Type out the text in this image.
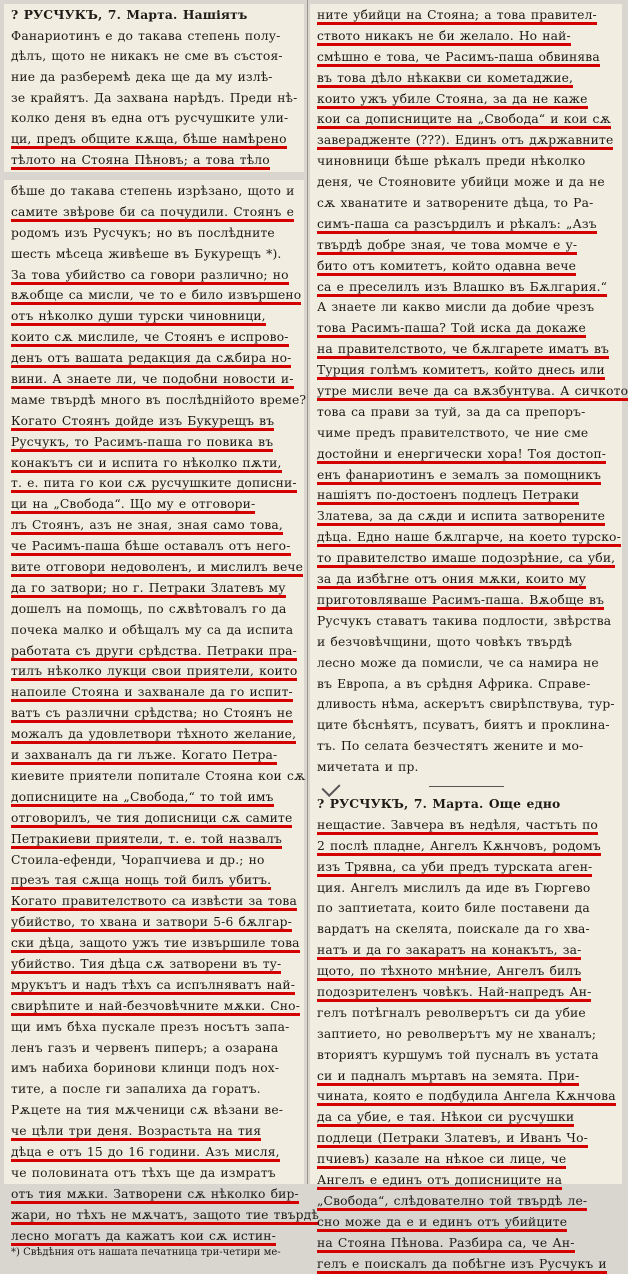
? РУСЧУКЪ, 7. Марта. Нашіятъ
Фанариотинъ е до такава степень полу-
дѣлъ, щото не никакъ не сме въ състоя-
ние да разберемѣ дека ще да му излѣ-
зе крайятъ. Да захвана нарѣдъ. Преди нѣ-
колко деня въ една отъ русчушките ули-
ци, предъ общите кѫща, бѣше намѣрено
тѣлото на Стояна Пѣновъ; а това тѣло
бѣше до такава степень изрѣзано, щото и
самите звѣрове би са почудили. Стоянъ е
родомъ изъ Русчукъ; но въ послѣдните
шесть мѣсеца живѣеше въ Букурещъ *).
За това убийство са говори различно; но
вѫобще са мисли, че то е било извършено
отъ нѣколко души турски чиновници,
които сѫ мислиле, че Стоянъ е испрово-
денъ отъ вашата редакция да сѫбира но-
вини. А знаете ли, че подобни новости и-
маме твърдѣ много въ послѣднійото време?
Когато Стоянъ дойде изъ Букурещъ въ
Русчукъ, то Расимъ-паша го повика въ
конакътъ си и испита го нѣколко пѫти,
т. е. пита го кои сѫ русчушките дописни-
ци на „Свобода“. Щo му е отговори-
лъ Стоянъ, азъ не зная, зная само това,
че Расимъ-паша бѣше оставалъ отъ него-
вите отговори недоволенъ, и мислилъ вече
да го затвори; но г. Петраки Златевъ му
дошелъ на помощь, по сѫвѣтовалъ го да
почека малко и обѣщалъ му са да испита
работата съ други срѣдства. Петраки пра-
тилъ нѣколко лукци свои приятели, които
напоиле Стояна и захванале да го испит-
ватъ съ различни срѣдства; но Стоянъ не
можалъ да удовлетвори тѣхното желание,
и захваналъ да ги лъже. Когато Петра-
киевите приятели попитале Стояна кои сѫ
дописниците на „Свобода,“ то той имъ
отговорилъ, че тия дописници сѫ самите
Петракиеви приятели, т. е. той назвалъ
Стоила-ефенди, Чорапчиева и др.; но
презъ тая сѫща нощь той билъ убитъ.
Когато правителството са извѣсти за това
убийство, то хвана и затвори 5-6 бѫлгар-
ски дѣца, защото ужъ тие извършиле това
убийство. Тия дѣца сѫ затворени въ ту-
мрукътъ и надъ тѣхъ са испълняватъ най-
свирѣпите и най-безчовѣчните мѫки. Сно-
щи имъ бѣха пускале презъ носътъ запа-
ленъ газъ и червенъ пиперъ; а озарана
имъ набиха боринови клинци подъ нох-
тите, а после ги запалиха да горатъ.
Рѫцете на тия мѫченици сѫ вѣзани ве-
че цѣли три деня. Возрастьта на тия
дѣца е отъ 15 до 16 години. Азъ мисля,
че половината отъ тѣхъ ще да измратъ
отъ тия мѫки. Затворени сѫ нѣколко бир-
жари, но тѣхъ не мѫчатъ, защото тие твърдѣ
лесно могатъ да кажатъ кои сѫ истин-
*) Свѣдѣния отъ нашата печатница три-четири ме-
ните убийци на Стояна; а това правител-
ството никакъ не би желало. Но най-
смѣшно е това, че Расимъ-паша обвинява
въ това дѣло нѣкакви си кометаджие,
които ужъ убиле Стояна, за да не каже
кои са дописниците на „Свобода“ и кои сѫ
заверадженте (???). Единъ отъ дѫржавните
чиновници бѣше рѣкалъ преди нѣколко
деня, че Стояновите убийци може и да не
сѫ хванатите и затворените дѣца, то Ра-
симъ-паша са разсърдилъ и рѣкалъ: „Азъ
твърдѣ добре зная, че това момче е у-
бито отъ комитетъ, който одавна вече
са е преселилъ изъ Влашко въ Бѫлгария.“
А знаете ли какво мисли да добие чрезъ
това Расимъ-паша? Той иска да докаже
на правителството, че бѫлгарете иматъ въ
Турция голѣмъ комитетъ, който днесь или
утре мисли вече да са вѫзбунтува. А сичкото
това са прави за туй, за да са препоръ-
чимe предъ правителството, че ние сме
достойни и енергически хора! Тоя достоп-
енъ фанариотинъ е земалъ за помощникъ
нашіятъ по-достоенъ подлецъ Петраки
Златева, за да сѫди и испита затворените
дѣца. Едно наше бѫлгарче, на което турско-
то правителство имаше подозрѣние, са уби,
за да избѣгне отъ ония мѫки, които му
приготовляваше Расимъ-паша. Вѫобще въ
Русчукъ ставатъ такива подлости, звѣрства
и безчовѣчщини, щото човѣкъ твърдѣ
лесно може да помисли, че са намира не
въ Европа, а въ срѣдня Африка. Справе-
дливость нѣма, аскерътъ свирѣпствува, тур-
ците бѣснѣятъ, псуватъ, биятъ и проклина-
тъ. По селата безчестятъ жените и мо-
мичетата и пр.
? РУСЧУКЪ, 7. Марта. Още едно
нещастие. Завчера въ недѣля, частъть по
2 послѣ пладне, Ангелъ Кѫнчовъ, родомъ
изъ Трявна, са уби предъ турската аген-
ция. Ангелъ мислилъ да иде въ Гюргево
по заптиетата, които биле поставени да
вардатъ на скелята, поискале да го хва-
натъ и да го закаратъ на конакътъ, за-
щото, по тѣхното мнѣние, Ангелъ билъ
подозрителенъ човѣкъ. Най-напредъ Ан-
гелъ потѣгналъ револверътъ си да убие
заптиетo, но револверътъ му не хваналъ;
вториятъ куршумъ той пусналъ въ устата
си и падналъ мъртавъ на земята. При-
чината, която е подбудила Ангела Кѫнчова
да са убие, е тая. Нѣкои си русчушки
подлеци (Петраки Златевъ, и Иванъ Чо-
пчиевъ) казале на нѣкое си лице, че
Ангелъ е единъ отъ дописниците на
„Свобода“, слѣдователно той твърдѣ ле-
сно може да е и единъ отъ убийците
на Стояна Пѣнова. Разбира са, че Ан-
гелъ е поискалъ да побѣгне изъ Русчукъ и
